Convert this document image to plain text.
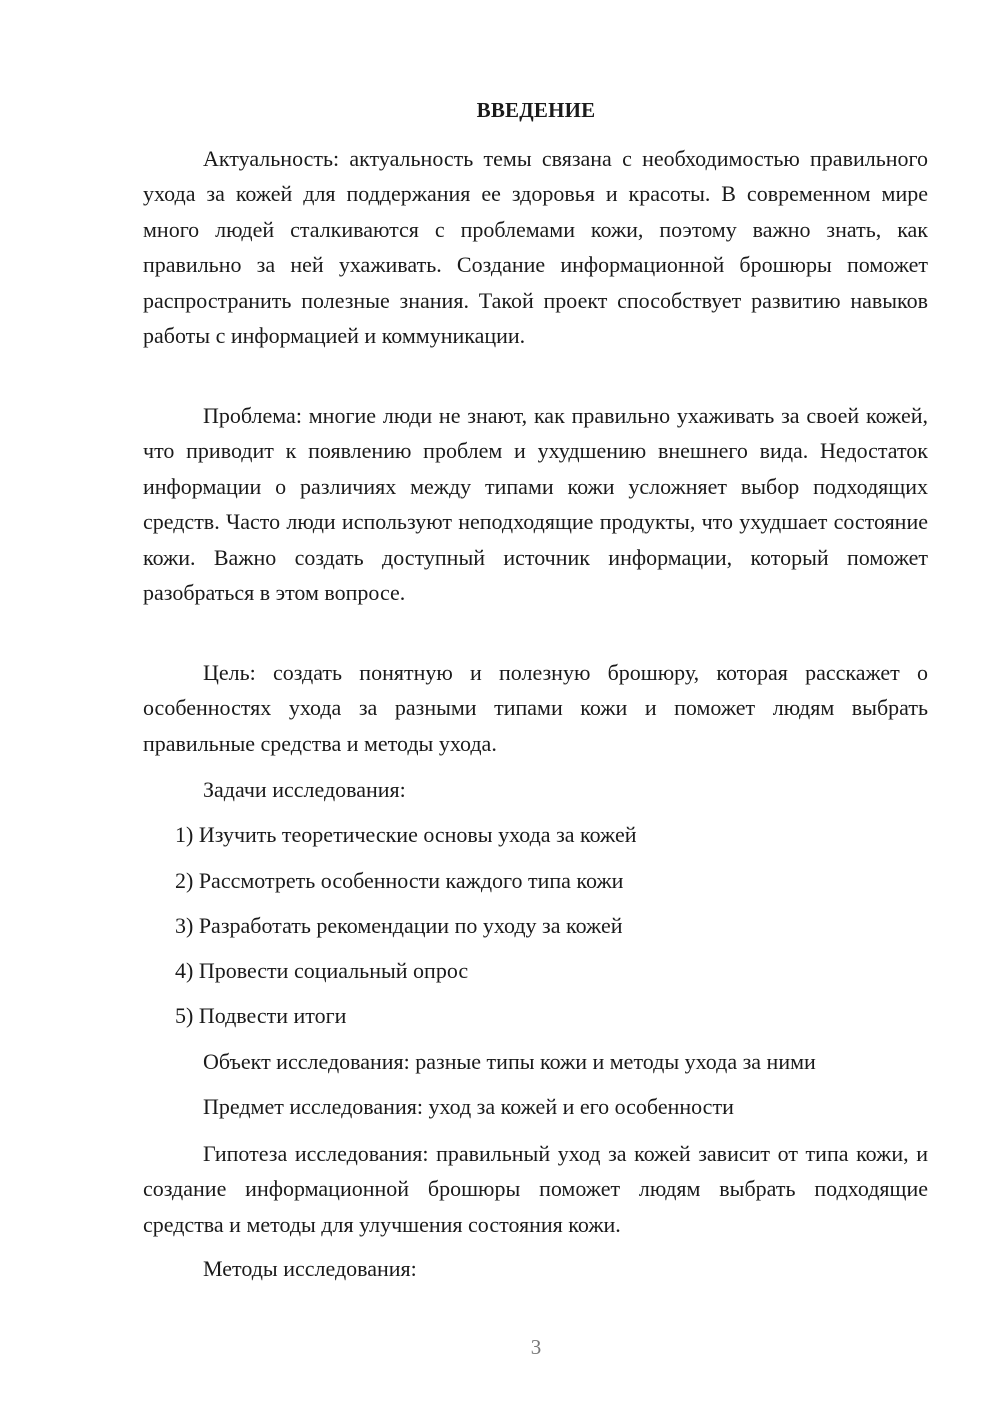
ВВЕДЕНИЕ

Актуальность: актуальность темы связана с необходимостью правильного ухода за кожей для поддержания ее здоровья и красоты. В современном мире много людей сталкиваются с проблемами кожи, поэтому важно знать, как правильно за ней ухаживать. Создание информационной брошюры поможет распространить полезные знания. Такой проект способствует развитию навыков работы с информацией и коммуникации.

Проблема: многие люди не знают, как правильно ухаживать за своей кожей, что приводит к появлению проблем и ухудшению внешнего вида. Недостаток информации о различиях между типами кожи усложняет выбор подходящих средств. Часто люди используют неподходящие продукты, что ухудшает состояние кожи. Важно создать доступный источник информации, который поможет разобраться в этом вопросе.

Цель: создать понятную и полезную брошюру, которая расскажет о особенностях ухода за разными типами кожи и поможет людям выбрать правильные средства и методы ухода.

Задачи исследования:
1) Изучить теоретические основы ухода за кожей
2) Рассмотреть особенности каждого типа кожи
3) Разработать рекомендации по уходу за кожей
4) Провести социальный опрос
5) Подвести итоги
Объект исследования: разные типы кожи и методы ухода за ними
Предмет исследования: уход за кожей и его особенности

Гипотеза исследования: правильный уход за кожей зависит от типа кожи, и создание информационной брошюры поможет людям выбрать подходящие средства и методы для улучшения состояния кожи.

Методы исследования:
3
